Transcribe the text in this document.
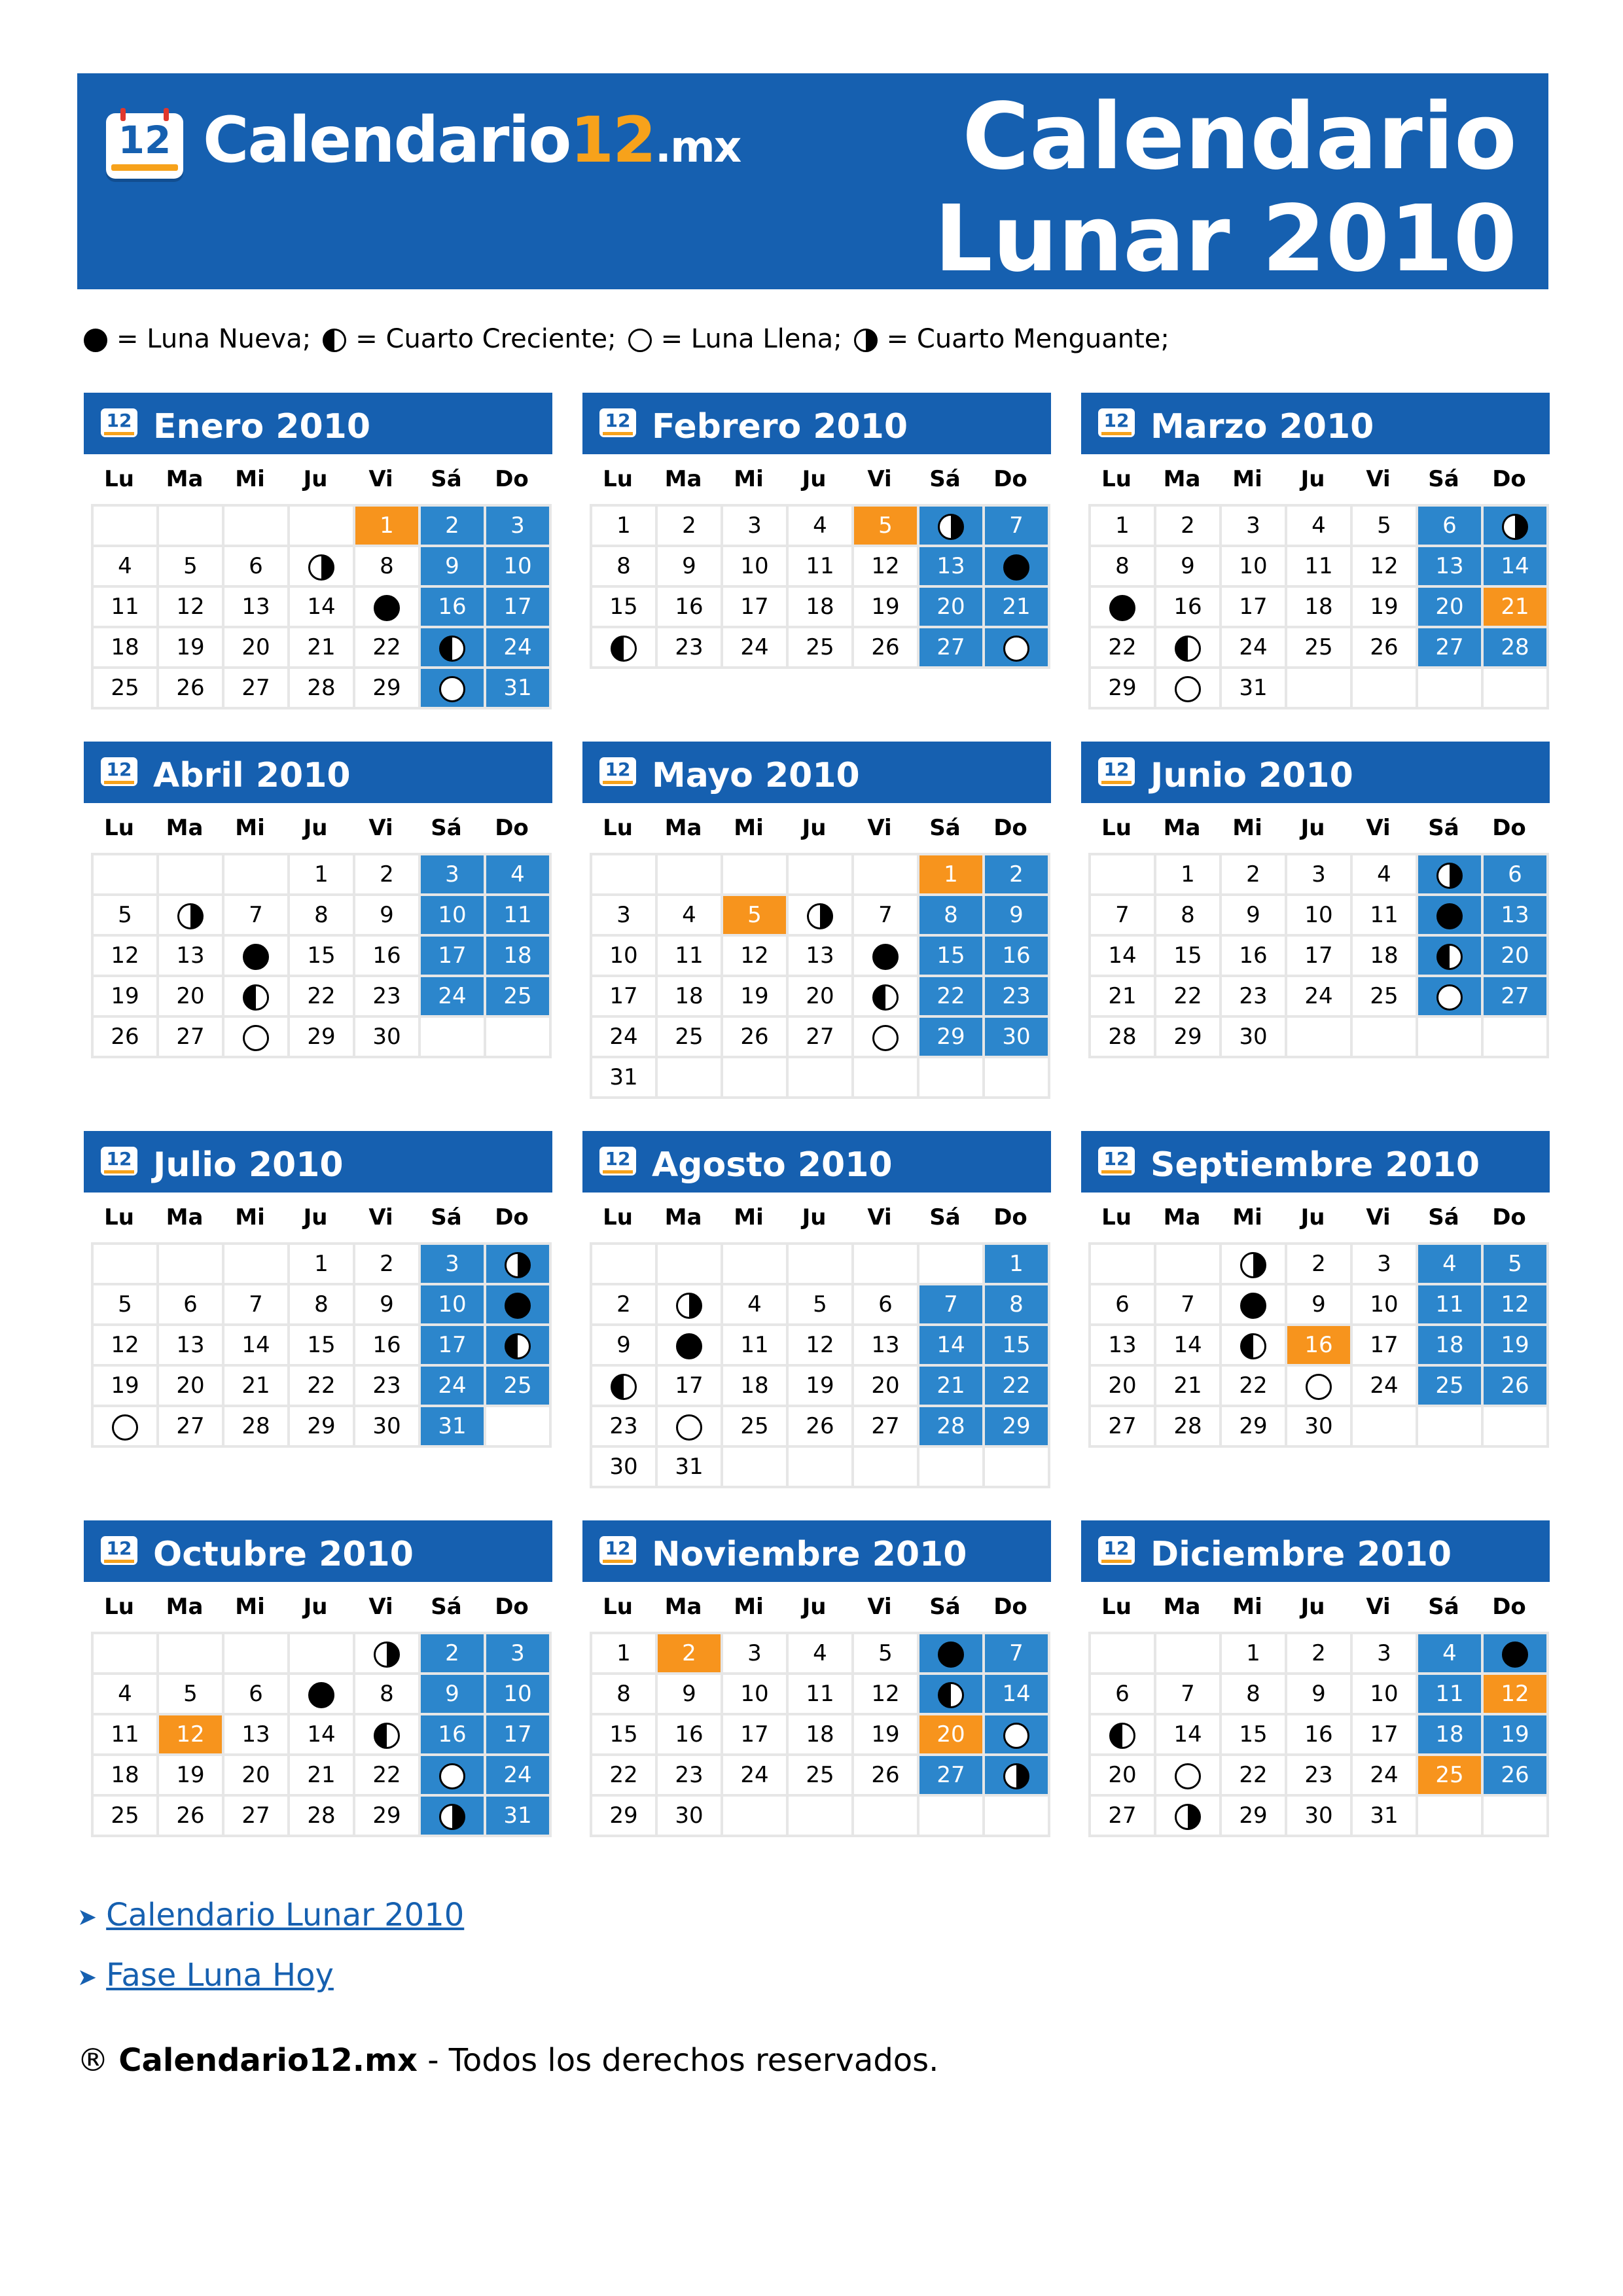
12 Calendario12.mx	Calendario
Lunar 2010
= Luna Nueva; = Cuarto Creciente; = Luna Llena; = Cuarto Menguante;
12 Enero 2010
Lu	Ma	Mi	Ju	Vi	Sá	Do
				1	2	3
4	5	6		8	9	10
11	12	13	14		16	17
18	19	20	21	22		24
25	26	27	28	29		31
12 Febrero 2010
Lu	Ma	Mi	Ju	Vi	Sá	Do
1	2	3	4	5		7
8	9	10	11	12	13	
15	16	17	18	19	20	21
	23	24	25	26	27	
12 Marzo 2010
Lu	Ma	Mi	Ju	Vi	Sá	Do
1	2	3	4	5	6	
8	9	10	11	12	13	14
	16	17	18	19	20	21
22		24	25	26	27	28
29		31				
12 Abril 2010
Lu	Ma	Mi	Ju	Vi	Sá	Do
			1	2	3	4
5		7	8	9	10	11
12	13		15	16	17	18
19	20		22	23	24	25
26	27		29	30		
12 Mayo 2010
Lu	Ma	Mi	Ju	Vi	Sá	Do
					1	2
3	4	5		7	8	9
10	11	12	13		15	16
17	18	19	20		22	23
24	25	26	27		29	30
31						
12 Junio 2010
Lu	Ma	Mi	Ju	Vi	Sá	Do
	1	2	3	4		6
7	8	9	10	11		13
14	15	16	17	18		20
21	22	23	24	25		27
28	29	30				
12 Julio 2010
Lu	Ma	Mi	Ju	Vi	Sá	Do
			1	2	3	
5	6	7	8	9	10	
12	13	14	15	16	17	
19	20	21	22	23	24	25
	27	28	29	30	31	
12 Agosto 2010
Lu	Ma	Mi	Ju	Vi	Sá	Do
						1
2		4	5	6	7	8
9		11	12	13	14	15
	17	18	19	20	21	22
23		25	26	27	28	29
30	31					
12 Septiembre 2010
Lu	Ma	Mi	Ju	Vi	Sá	Do
			2	3	4	5
6	7		9	10	11	12
13	14		16	17	18	19
20	21	22		24	25	26
27	28	29	30			
12 Octubre 2010
Lu	Ma	Mi	Ju	Vi	Sá	Do
					2	3
4	5	6		8	9	10
11	12	13	14		16	17
18	19	20	21	22		24
25	26	27	28	29		31
12 Noviembre 2010
Lu	Ma	Mi	Ju	Vi	Sá	Do
1	2	3	4	5		7
8	9	10	11	12		14
15	16	17	18	19	20	
22	23	24	25	26	27	
29	30					
12 Diciembre 2010
Lu	Ma	Mi	Ju	Vi	Sá	Do
		1	2	3	4	
6	7	8	9	10	11	12
	14	15	16	17	18	19
20		22	23	24	25	26
27		29	30	31		
➤ Calendario Lunar 2010
➤ Fase Luna Hoy
® Calendario12.mx - Todos los derechos reservados.
